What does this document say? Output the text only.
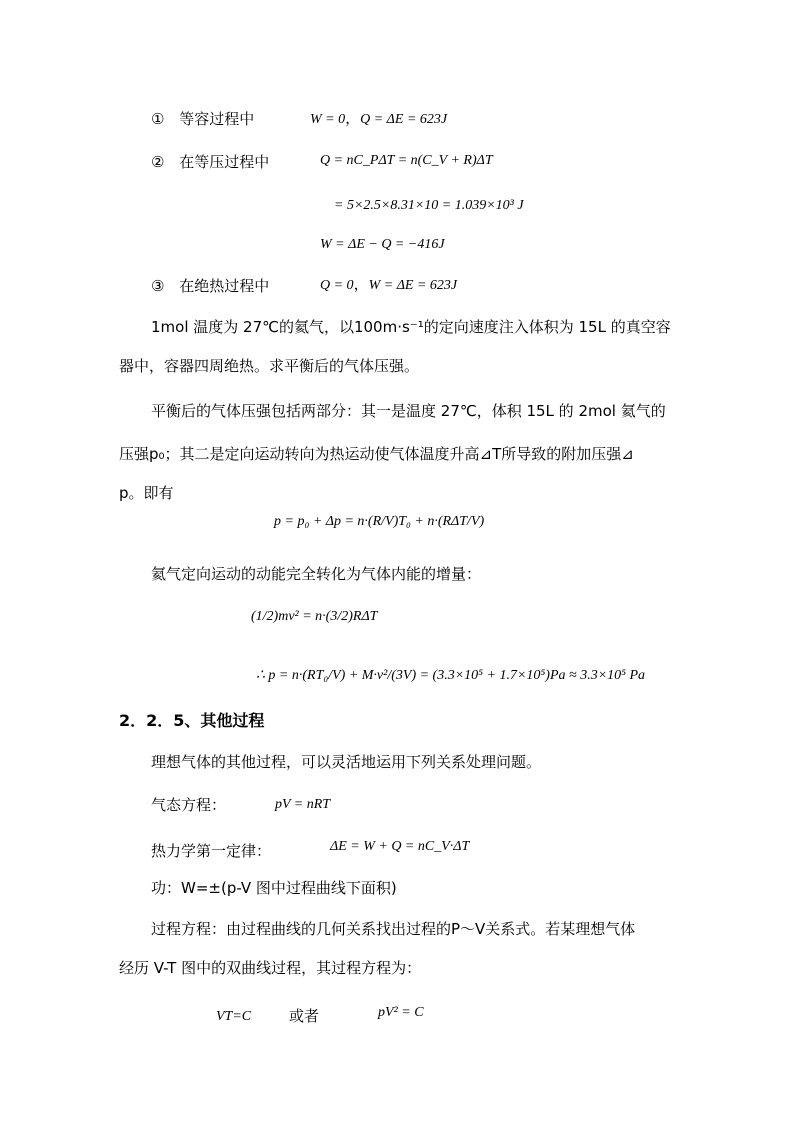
① 等容过程中	W = 0，Q = ΔE = 623J
② 在等压过程中	Q = nC_PΔT = n(C_V + R)ΔT
= 5×2.5×8.31×10 = 1.039×10³ J
W = ΔE − Q = −416J
③ 在绝热过程中	Q = 0，W = ΔE = 623J
1mol 温度为 27℃的氦气，以100m·s⁻¹的定向速度注入体积为 15L 的真空容
器中，容器四周绝热。求平衡后的气体压强。
平衡后的气体压强包括两部分：其一是温度 27℃，体积 15L 的 2mol 氦气的
压强p₀；其二是定向运动转向为热运动使气体温度升高⊿T所导致的附加压强⊿
p。即有
p = p₀ + Δp = n·(R/V)T₀ + n·(RΔT/V)
氦气定向运动的动能完全转化为气体内能的增量：
(1/2)mv² = n·(3/2)RΔT
∴ p = n·(RT₀/V) + M·v²/(3V) = (3.3×10⁵ + 1.7×10⁵)Pa ≈ 3.3×10⁵ Pa
2．2．5、其他过程
理想气体的其他过程，可以灵活地运用下列关系处理问题。
气态方程：	pV = nRT
热力学第一定律：	ΔE = W + Q = nC_V·ΔT
功：W=±(p-V 图中过程曲线下面积)
过程方程：由过程曲线的几何关系找出过程的P～V关系式。若某理想气体
经历 V-T 图中的双曲线过程，其过程方程为：
VT=C	或者	pV² = C
